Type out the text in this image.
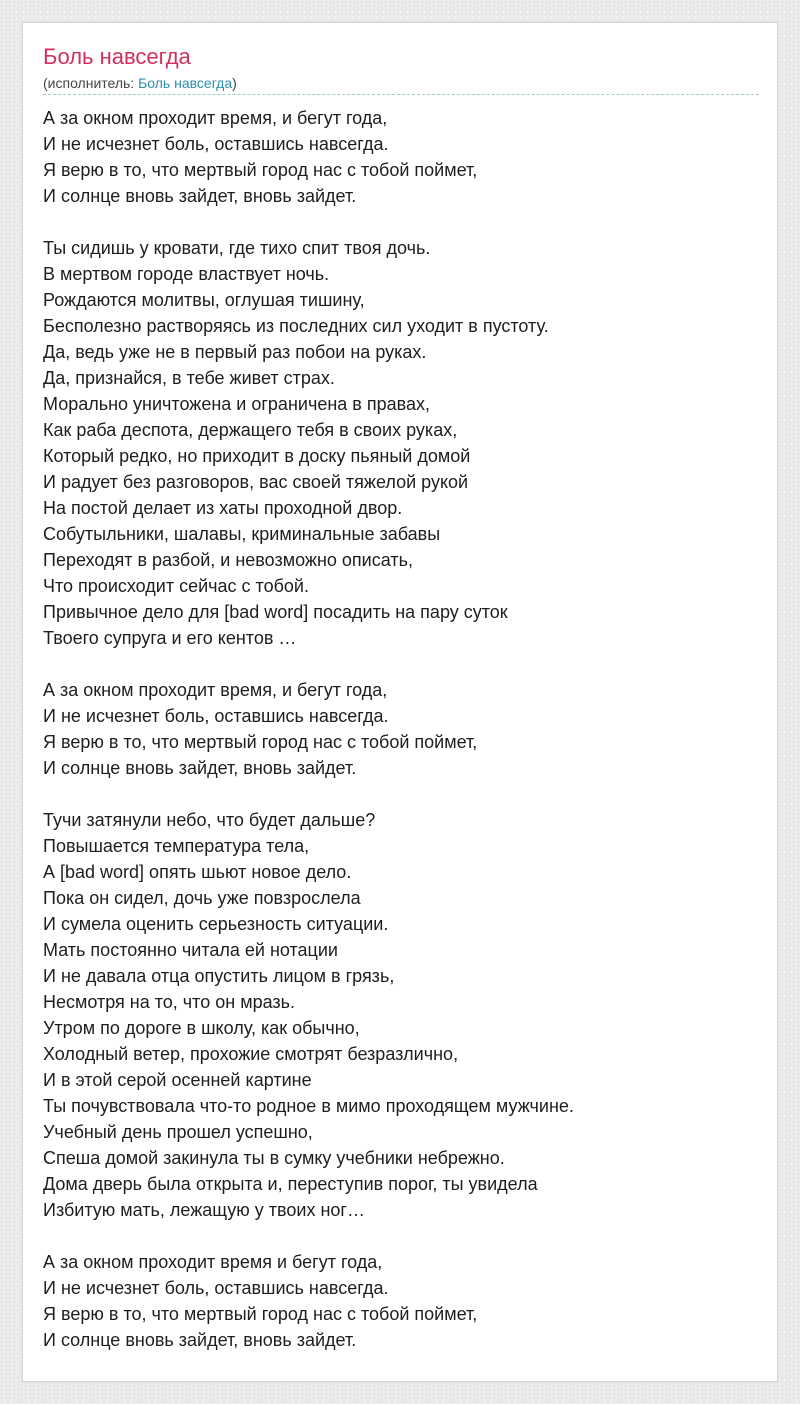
Боль навсегда
(исполнитель: Боль навсегда)
А за окном проходит время, и бегут года,
И не исчезнет боль, оставшись навсегда.
Я верю в то, что мертвый город нас с тобой поймет,
И солнце вновь зайдет, вновь зайдет.
Ты сидишь у кровати, где тихо спит твоя дочь.
В мертвом городе властвует ночь.
Рождаются молитвы, оглушая тишину,
Бесполезно растворяясь из последних сил уходит в пустоту.
Да, ведь уже не в первый раз побои на руках.
Да, признайся, в тебе живет страх.
Морально уничтожена и ограничена в правах,
Как раба деспота, держащего тебя в своих руках,
Который редко, но приходит в доску пьяный домой
И радует без разговоров, вас своей тяжелой рукой
На постой делает из хаты проходной двор.
Собутыльники, шалавы, криминальные забавы
Переходят в разбой, и невозможно описать,
Что происходит сейчас с тобой.
Привычное дело для [bad word] посадить на пару суток
Твоего супруга и его кентов …
А за окном проходит время, и бегут года,
И не исчезнет боль, оставшись навсегда.
Я верю в то, что мертвый город нас с тобой поймет,
И солнце вновь зайдет, вновь зайдет.
Тучи затянули небо, что будет дальше?
Повышается температура тела,
А [bad word] опять шьют новое дело.
Пока он сидел, дочь уже повзрослела
И сумела оценить серьезность ситуации.
Мать постоянно читала ей нотации
И не давала отца опустить лицом в грязь,
Несмотря на то, что он мразь.
Утром по дороге в школу, как обычно,
Холодный ветер, прохожие смотрят безразлично,
И в этой серой осенней картине
Ты почувствовала что-то родное в мимо проходящем мужчине.
Учебный день прошел успешно,
Спеша домой закинула ты в сумку учебники небрежно.
Дома дверь была открыта и, переступив порог, ты увидела
Избитую мать, лежащую у твоих ног…
А за окном проходит время и бегут года,
И не исчезнет боль, оставшись навсегда.
Я верю в то, что мертвый город нас с тобой поймет,
И солнце вновь зайдет, вновь зайдет.
